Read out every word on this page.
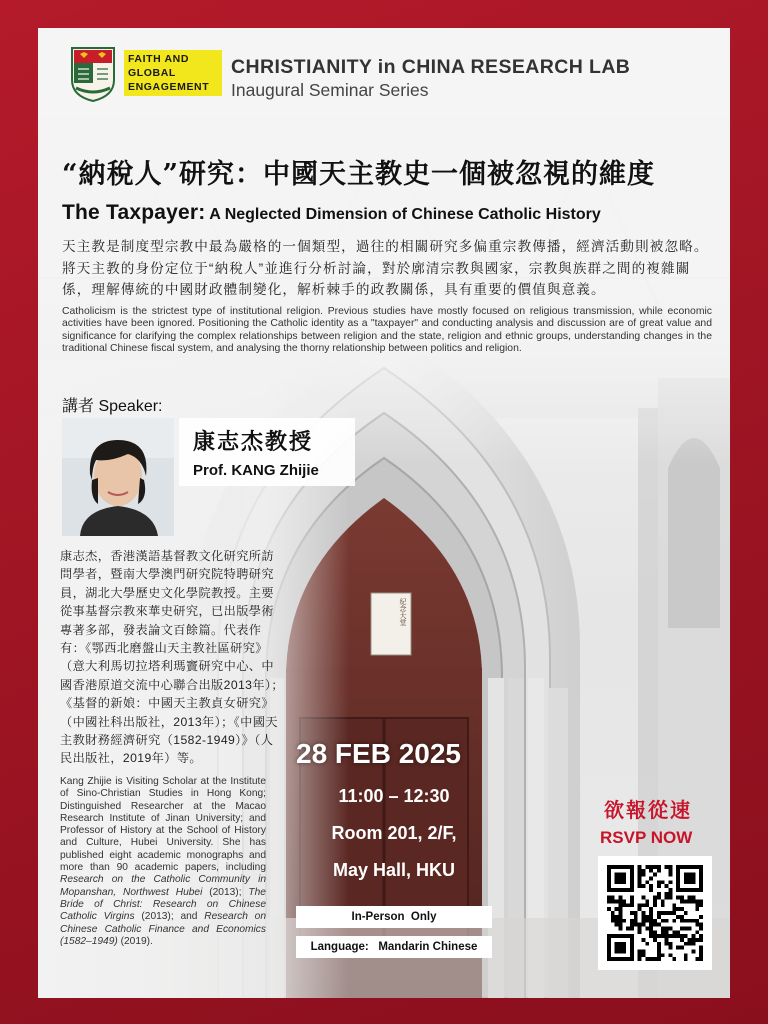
紀念大堂
FAITH AND
GLOBAL
ENGAGEMENT
CHRISTIANITY in CHINA RESEARCH LAB
Inaugural Seminar Series
“納稅人”研究：中國天主教史一個被忽視的維度
The Taxpayer: A Neglected Dimension of Chinese Catholic History
天主教是制度型宗教中最為嚴格的一個類型，過往的相關研究多偏重宗教傳播，經濟活動則被忽略。將天主教的身份定位于“納稅人”並進行分析討論，對於廓清宗教與國家，宗教與族群之間的複雜關係，理解傳統的中國財政體制變化，解析棘手的政教關係，具有重要的價值與意義。
Catholicism is the strictest type of institutional religion. Previous studies have mostly focused on religious transmission, while economic activities have been ignored. Positioning the Catholic identity as a "taxpayer" and conducting analysis and discussion are of great value and significance for clarifying the complex relationships between religion and the state, religion and ethnic groups, understanding changes in the traditional Chinese fiscal system, and analysing the thorny relationship between politics and religion.
講者 Speaker:
康志杰教授
Prof. KANG Zhijie
康志杰，香港漢語基督教文化研究所訪問學者，暨南大學澳門研究院特聘研究員，湖北大學歷史文化學院教授。主要從事基督宗教來華史研究，已出版學術專著多部，發表論文百餘篇。代表作有：《鄂西北磨盤山天主教社區研究》（意大利馬切拉塔利瑪竇研究中心、中國香港原道交流中心聯合出版2013年）；《基督的新娘：中國天主教貞女研究》（中國社科出版社，2013年）；《中國天主教財務經濟研究（1582-1949）》（人民出版社，2019年）等。
Kang Zhijie is Visiting Scholar at the Institute of Sino-Christian Studies in Hong Kong; Distinguished Researcher at the Macao Research Institute of Jinan University; and Professor of History at the School of History and Culture, Hubei University. She has published eight academic monographs and more than 90 academic papers, including Research on the Catholic Community in Mopanshan, Northwest Hubei (2013); The Bride of Christ: Research on Chinese Catholic Virgins (2013); and Research on Chinese Catholic Finance and Economics (1582–1949) (2019).
28 FEB 2025
11:00 – 12:30
Room 201, 2/F,
May Hall, HKU
In-Person  Only
Language:   Mandarin Chinese
欲報從速
RSVP NOW
